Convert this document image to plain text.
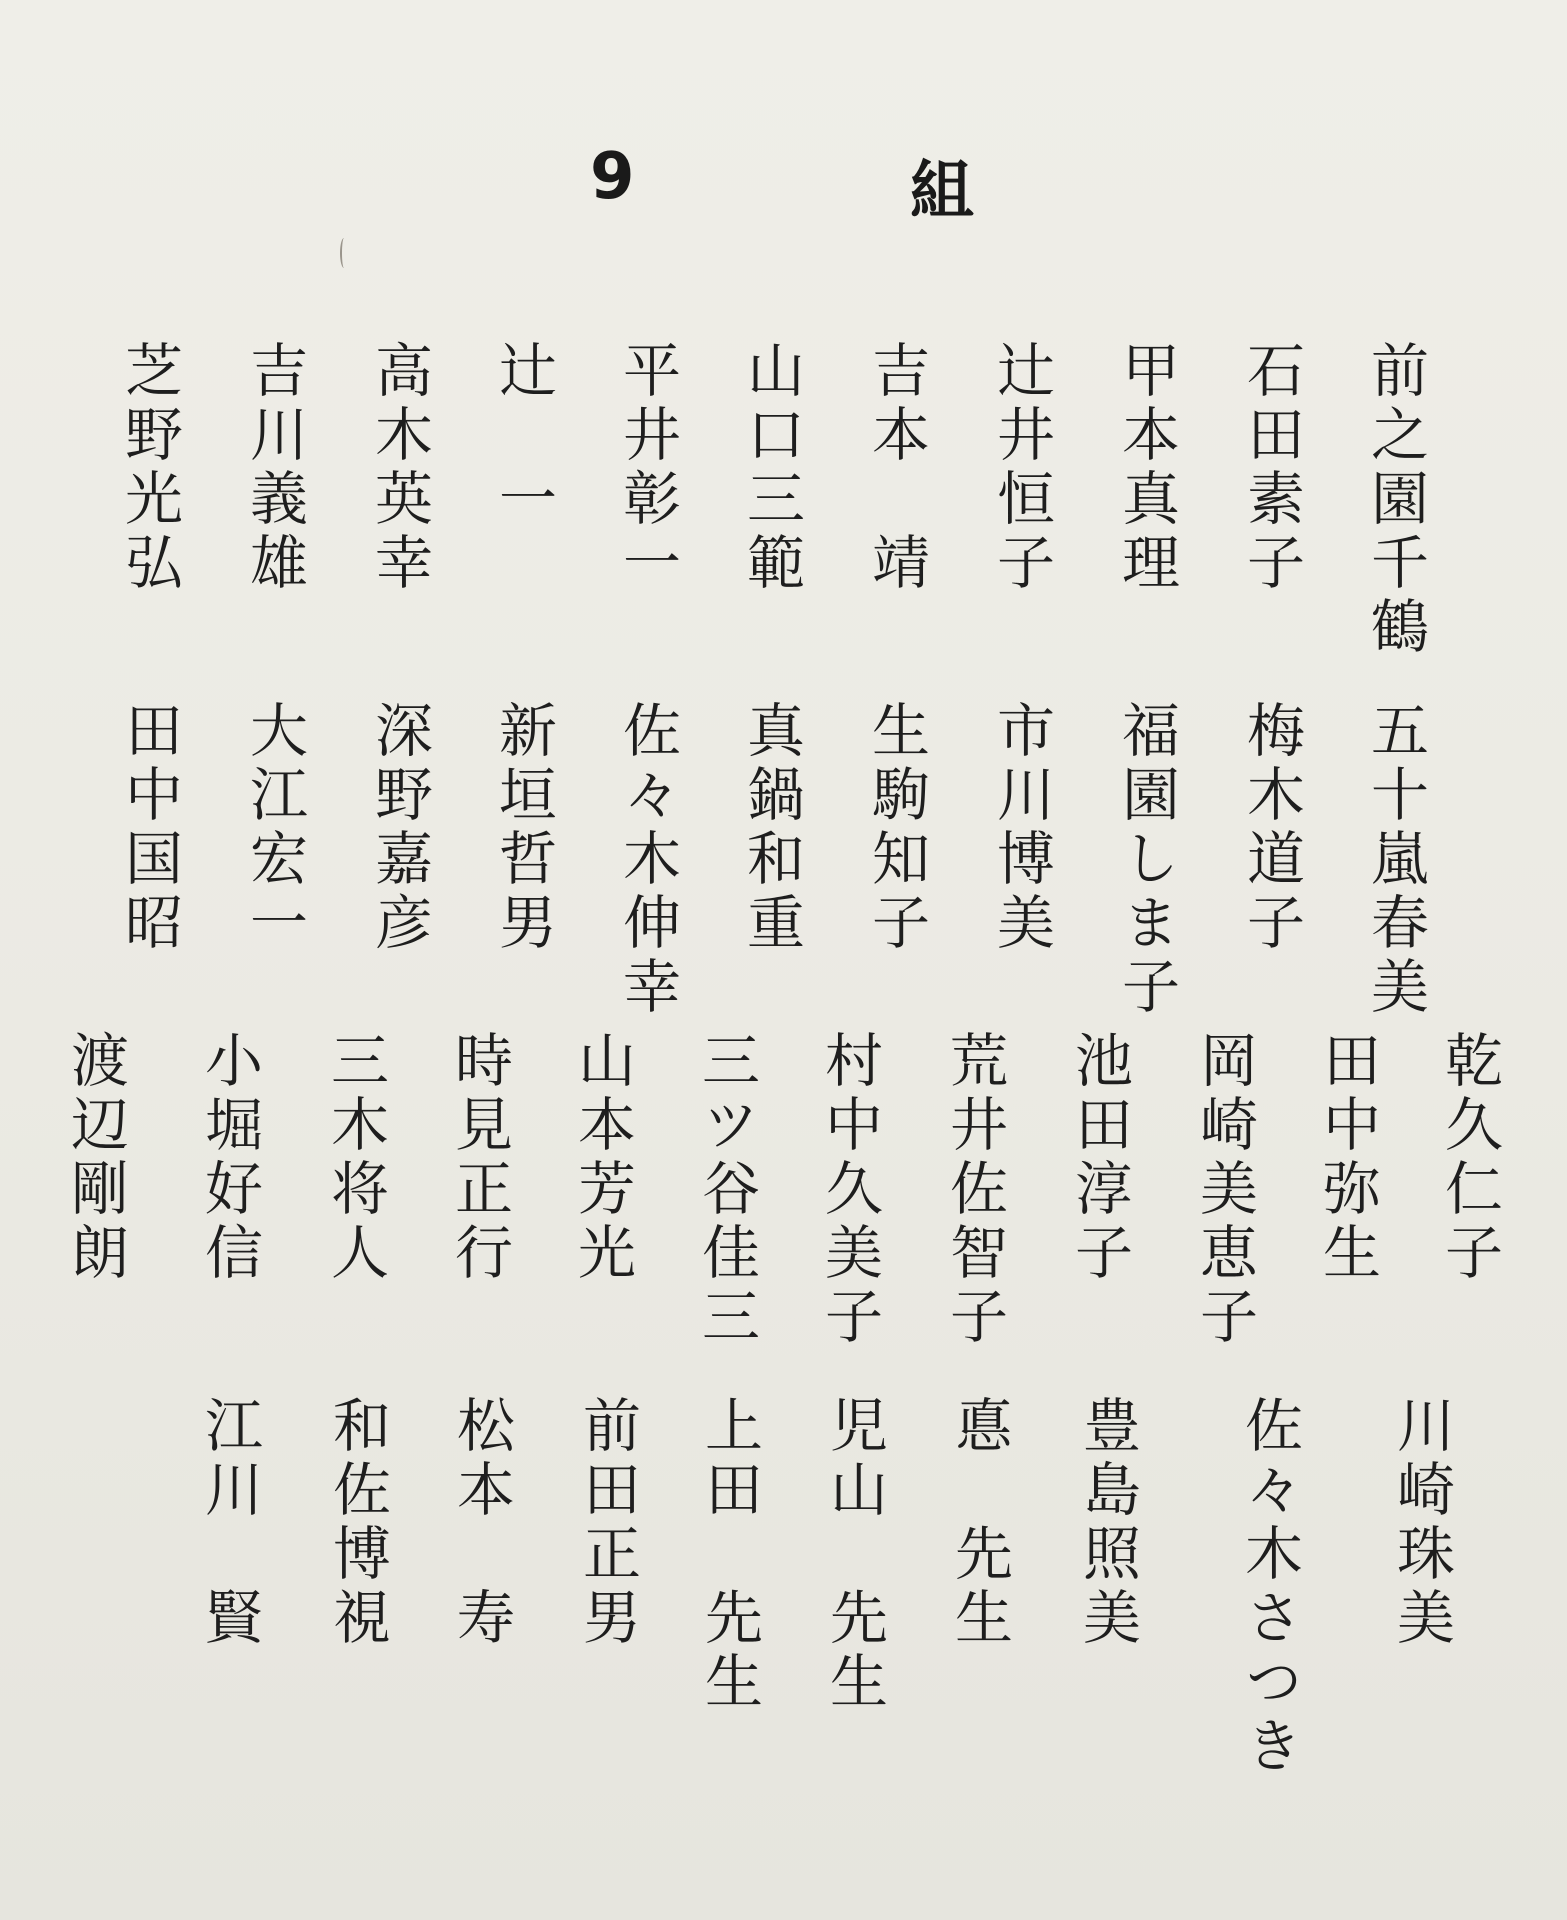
9	組
前之園千鶴
石田素子
甲本真理
辻井恒子
吉本　靖
山口三範
平井彰一
辻　一
高木英幸
吉川義雄
芝野光弘
五十嵐春美
梅木道子
福園しま子
市川博美
生駒知子
真鍋和重
佐々木伸幸
新垣哲男
深野嘉彦
大江宏一
田中国昭
乾久仁子
田中弥生
岡崎美恵子
池田淳子
荒井佐智子
村中久美子
三ツ谷佳三
山本芳光
時見正行
三木将人
小堀好信
渡辺剛朗
川崎珠美
佐々木さつき
豊島照美
悳　先生
児山　先生
上田　先生
前田正男
松本　寿
和佐博視
江川　賢
